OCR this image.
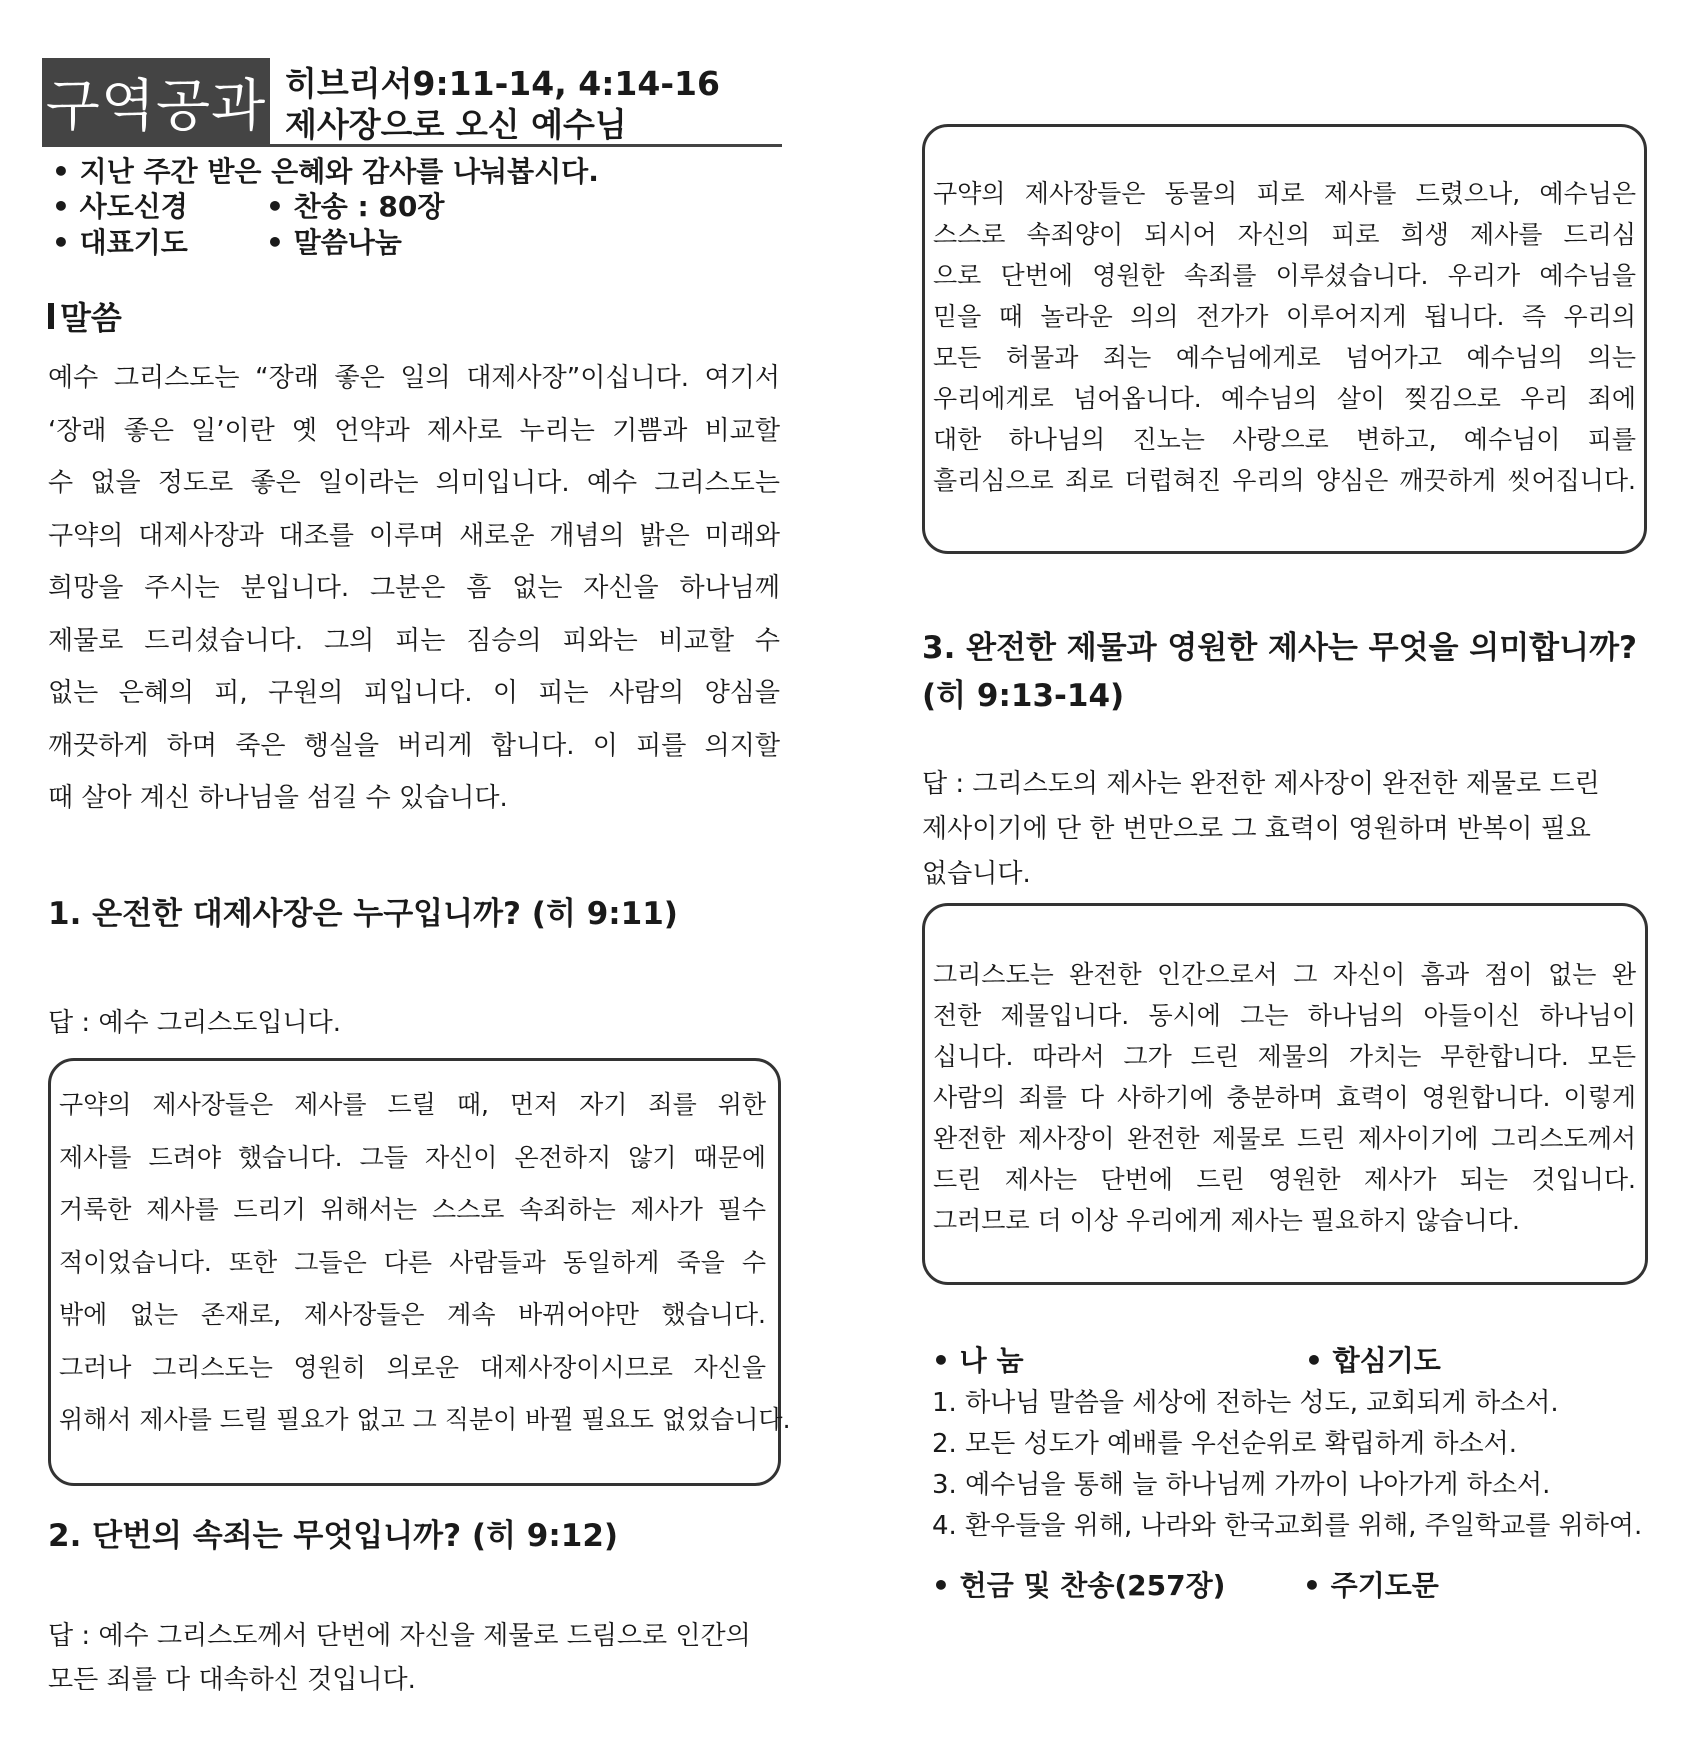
구역공과 히브리서9:11-14, 4:14-16
제사장으로 오신 예수님
• 지난 주간 받은 은혜와 감사를 나눠봅시다.
• 사도신경	• 찬송 : 80장
• 대표기도	• 말씀나눔
말씀
예수 그리스도는 “장래 좋은 일의 대제사장”이십니다. 여기서
‘장래 좋은 일’이란 옛 언약과 제사로 누리는 기쁨과 비교할
수 없을 정도로 좋은 일이라는 의미입니다. 예수 그리스도는
구약의 대제사장과 대조를 이루며 새로운 개념의 밝은 미래와
희망을 주시는 분입니다. 그분은 흠 없는 자신을 하나님께
제물로 드리셨습니다. 그의 피는 짐승의 피와는 비교할 수
없는 은혜의 피, 구원의 피입니다. 이 피는 사람의 양심을
깨끗하게 하며 죽은 행실을 버리게 합니다. 이 피를 의지할
때 살아 계신 하나님을 섬길 수 있습니다.
1. 온전한 대제사장은 누구입니까? (히 9:11)
답 : 예수 그리스도입니다.
구약의 제사장들은 제사를 드릴 때, 먼저 자기 죄를 위한
제사를 드려야 했습니다. 그들 자신이 온전하지 않기 때문에
거룩한 제사를 드리기 위해서는 스스로 속죄하는 제사가 필수
적이었습니다. 또한 그들은 다른 사람들과 동일하게 죽을 수
밖에 없는 존재로, 제사장들은 계속 바뀌어야만 했습니다.
그러나 그리스도는 영원히 의로운 대제사장이시므로 자신을
위해서 제사를 드릴 필요가 없고 그 직분이 바뀔 필요도 없었습니다.
2. 단번의 속죄는 무엇입니까? (히 9:12)
답 : 예수 그리스도께서 단번에 자신을 제물로 드림으로 인간의
모든 죄를 다 대속하신 것입니다.
구약의 제사장들은 동물의 피로 제사를 드렸으나, 예수님은
스스로 속죄양이 되시어 자신의 피로 희생 제사를 드리심
으로 단번에 영원한 속죄를 이루셨습니다. 우리가 예수님을
믿을 때 놀라운 의의 전가가 이루어지게 됩니다. 즉 우리의
모든 허물과 죄는 예수님에게로 넘어가고 예수님의 의는
우리에게로 넘어옵니다. 예수님의 살이 찢김으로 우리 죄에
대한 하나님의 진노는 사랑으로 변하고, 예수님이 피를
흘리심으로 죄로 더럽혀진 우리의 양심은 깨끗하게 씻어집니다.
3. 완전한 제물과 영원한 제사는 무엇을 의미합니까?
(히 9:13-14)
답 : 그리스도의 제사는 완전한 제사장이 완전한 제물로 드린
제사이기에 단 한 번만으로 그 효력이 영원하며 반복이 필요
없습니다.
그리스도는 완전한 인간으로서 그 자신이 흠과 점이 없는 완
전한 제물입니다. 동시에 그는 하나님의 아들이신 하나님이
십니다. 따라서 그가 드린 제물의 가치는 무한합니다. 모든
사람의 죄를 다 사하기에 충분하며 효력이 영원합니다. 이렇게
완전한 제사장이 완전한 제물로 드린 제사이기에 그리스도께서
드린 제사는 단번에 드린 영원한 제사가 되는 것입니다.
그러므로 더 이상 우리에게 제사는 필요하지 않습니다.
• 나 눔	• 합심기도
1. 하나님 말씀을 세상에 전하는 성도, 교회되게 하소서.
2. 모든 성도가 예배를 우선순위로 확립하게 하소서.
3. 예수님을 통해 늘 하나님께 가까이 나아가게 하소서.
4. 환우들을 위해, 나라와 한국교회를 위해, 주일학교를 위하여.
• 헌금 및 찬송(257장)	• 주기도문
